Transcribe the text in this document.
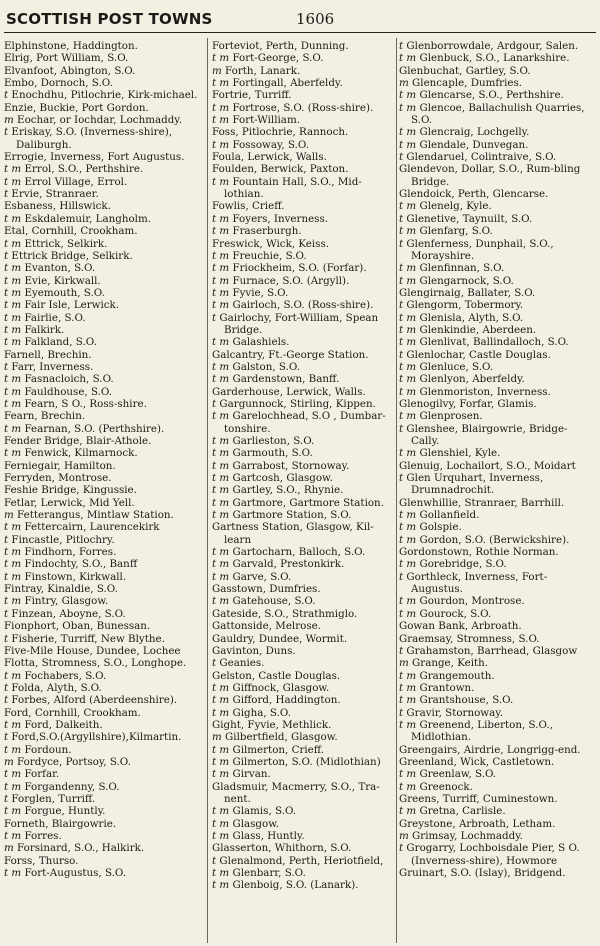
SCOTTISH POST TOWNS	1606
Elphinstone, Haddington.
Elrig, Port William, S.O.
Elvanfoot, Abington, S.O.
Embo, Dornoch, S.O.
t Enochdhu, Pitlochrie, Kirk-michael.
Enzie, Buckie, Port Gordon.
m Eochar, or Iochdar, Lochmaddy.
t Eriskay, S.O. (Inverness-shire), Daliburgh.
Errogie, Inverness, Fort Augustus.
t m Errol, S.O., Perthshire.
t m Errol Village, Errol.
t Ervie, Stranraer.
Esbaness, Hillswick.
t m Eskdalemuir, Langholm.
Etal, Cornhill, Crookham.
t m Ettrick, Selkirk.
t Ettrick Bridge, Selkirk.
t m Evanton, S.O.
t m Evie, Kirkwall.
t m Eyemouth, S.O.
t m Fair Isle, Lerwick.
t m Fairlie, S.O.
t m Falkirk.
t m Falkland, S.O.
Farnell, Brechin.
t Farr, Inverness.
t m Fasnacloich, S.O.
t m Fauldhouse, S.O.
t m Fearn, S O., Ross-shire.
Fearn, Brechin.
t m Fearnan, S.O. (Perthshire).
Fender Bridge, Blair-Athole.
t m Fenwick, Kilmarnock.
Ferniegair, Hamilton.
Ferryden, Montrose.
Feshie Bridge, Kingussie.
Fetlar, Lerwick, Mid Yell.
m Fetterangus, Mintlaw Station.
t m Fettercairn, Laurencekirk
t Fincastle, Pitlochry.
t m Findhorn, Forres.
t m Findochty, S.O., Banff
t m Finstown, Kirkwall.
Fintray, Kinaldie, S.O.
t m Fintry, Glasgow.
t Finzean, Aboyne, S.O.
Fionphort, Oban, Bunessan.
t Fisherie, Turriff, New Blythe.
Five-Mile House, Dundee, Lochee
Flotta, Stromness, S.O., Longhope.
t m Fochabers, S.O.
t Folda, Alyth, S.O.
t Forbes, Alford (Aberdeenshire).
Ford, Cornhill, Crookham.
t m Ford, Dalkeith.
t Ford,S.O.(Argyllshire),Kilmartin.
t m Fordoun.
m Fordyce, Portsoy, S.O.
t m Forfar.
t m Forgandenny, S.O.
t Forglen, Turriff.
t m Forgue, Huntly.
Forneth, Blairgowrie.
t m Forres.
m Forsinard, S.O., Halkirk.
Forss, Thurso.
t m Fort-Augustus, S.O.
Forteviot, Perth, Dunning.
t m Fort-George, S.O.
m Forth, Lanark.
t m Fortingall, Aberfeldy.
Fortrie, Turriff.
t m Fortrose, S.O. (Ross-shire).
t m Fort-William.
Foss, Pitlochrie, Rannoch.
t m Fossoway, S.O.
Foula, Lerwick, Walls.
Foulden, Berwick, Paxton.
t m Fountain Hall, S.O., Mid-lothian.
Fowlis, Crieff.
t m Foyers, Inverness.
t m Fraserburgh.
Freswick, Wick, Keiss.
t m Freuchie, S.O.
t m Friockheim, S.O. (Forfar).
t m Furnace, S.O. (Argyll).
t m Fyvie, S.O.
t m Gairloch, S.O. (Ross-shire).
t Gairlochy, Fort-William, Spean Bridge.
t m Galashiels.
Galcantry, Ft.-George Station.
t m Galston, S.O.
t m Gardenstown, Banff.
Garderhouse, Lerwick, Walls.
t Gargunnock, Stirling, Kippen.
t m Garelochhead, S.O , Dumbar-tonshire.
t m Garlieston, S.O.
t m Garmouth, S.O.
t m Garrabost, Stornoway.
t m Gartcosh, Glasgow.
t m Gartley, S.O., Rhynie.
t m Gartmore, Gartmore Station.
t m Gartmore Station, S.O.
Gartness Station, Glasgow, Kil-learn
t m Gartocharn, Balloch, S.O.
t m Garvald, Prestonkirk.
t m Garve, S.O.
Gasstown, Dumfries.
t m Gatehouse, S.O.
Gateside, S.O., Strathmiglo.
Gattonside, Melrose.
Gauldry, Dundee, Wormit.
Gavinton, Duns.
t Geanies.
Gelston, Castle Douglas.
t m Giffnock, Glasgow.
t m Gifford, Haddington.
t m Gigha, S.O.
Gight, Fyvie, Methlick.
m Gilbertfield, Glasgow.
t m Gilmerton, Crieff.
t m Gilmerton, S.O. (Midlothian)
t m Girvan.
Gladsmuir, Macmerry, S.O., Tra-nent.
t m Glamis, S.O.
t m Glasgow.
t m Glass, Huntly.
Glasserton, Whithorn, S.O.
t Glenalmond, Perth, Heriotfield,
t m Glenbarr, S.O.
t m Glenboig, S.O. (Lanark).
t Glenborrowdale, Ardgour, Salen.
t m Glenbuck, S.O., Lanarkshire.
Glenbuchat, Gartley, S.O.
m Glencaple, Dumfries.
t m Glencarse, S.O., Perthshire.
t m Glencoe, Ballachulish Quarries, S.O.
t m Glencraig, Lochgelly.
t m Glendale, Dunvegan.
t Glendaruel, Colintraive, S.O.
Glendevon, Dollar, S.O., Rum-bling Bridge.
Glendoick, Perth, Glencarse.
t m Glenelg, Kyle.
t Glenetive, Taynuilt, S.O.
t m Glenfarg, S.O.
t Glenferness, Dunphail, S.O., Morayshire.
t m Glenfinnan, S.O.
t m Glengarnock, S.O.
Glengirnaig, Ballater, S.O.
t Glengorm, Tobermory.
t m Glenisla, Alyth, S.O.
t m Glenkindie, Aberdeen.
t m Glenlivat, Ballindalloch, S.O.
t Glenlochar, Castle Douglas.
t m Glenluce, S.O.
t m Glenlyon, Aberfeldy.
t m Glenmoriston, Inverness.
Glenogilvy, Forfar, Glamis.
t m Glenprosen.
t Glenshee, Blairgowrie, Bridge-Cally.
t m Glenshiel, Kyle.
Glenuig, Lochailort, S.O., Moidart
t Glen Urquhart, Inverness, Drumnadrochit.
Glenwhillie, Stranraer, Barrhill.
t m Gollanfield.
t m Golspie.
t m Gordon, S.O. (Berwickshire).
Gordonstown, Rothie Norman.
t m Gorebridge, S.O.
t Gorthleck, Inverness, Fort-Augustus.
t m Gourdon, Montrose.
t m Gourock, S.O.
Gowan Bank, Arbroath.
Graemsay, Stromness, S.O.
t Grahamston, Barrhead, Glasgow
m Grange, Keith.
t m Grangemouth.
t m Grantown.
t m Grantshouse, S.O.
t Gravir, Stornoway.
t m Greenend, Liberton, S.O., Midlothian.
Greengairs, Airdrie, Longrigg-end.
Greenland, Wick, Castletown.
t m Greenlaw, S.O.
t m Greenock.
Greens, Turriff, Cuminestown.
t m Gretna, Carlisle.
Greystone, Arbroath, Letham.
m Grimsay, Lochmaddy.
t Grogarry, Lochboisdale Pier, S O. (Inverness-shire), Howmore
Gruinart, S.O. (Islay), Bridgend.
